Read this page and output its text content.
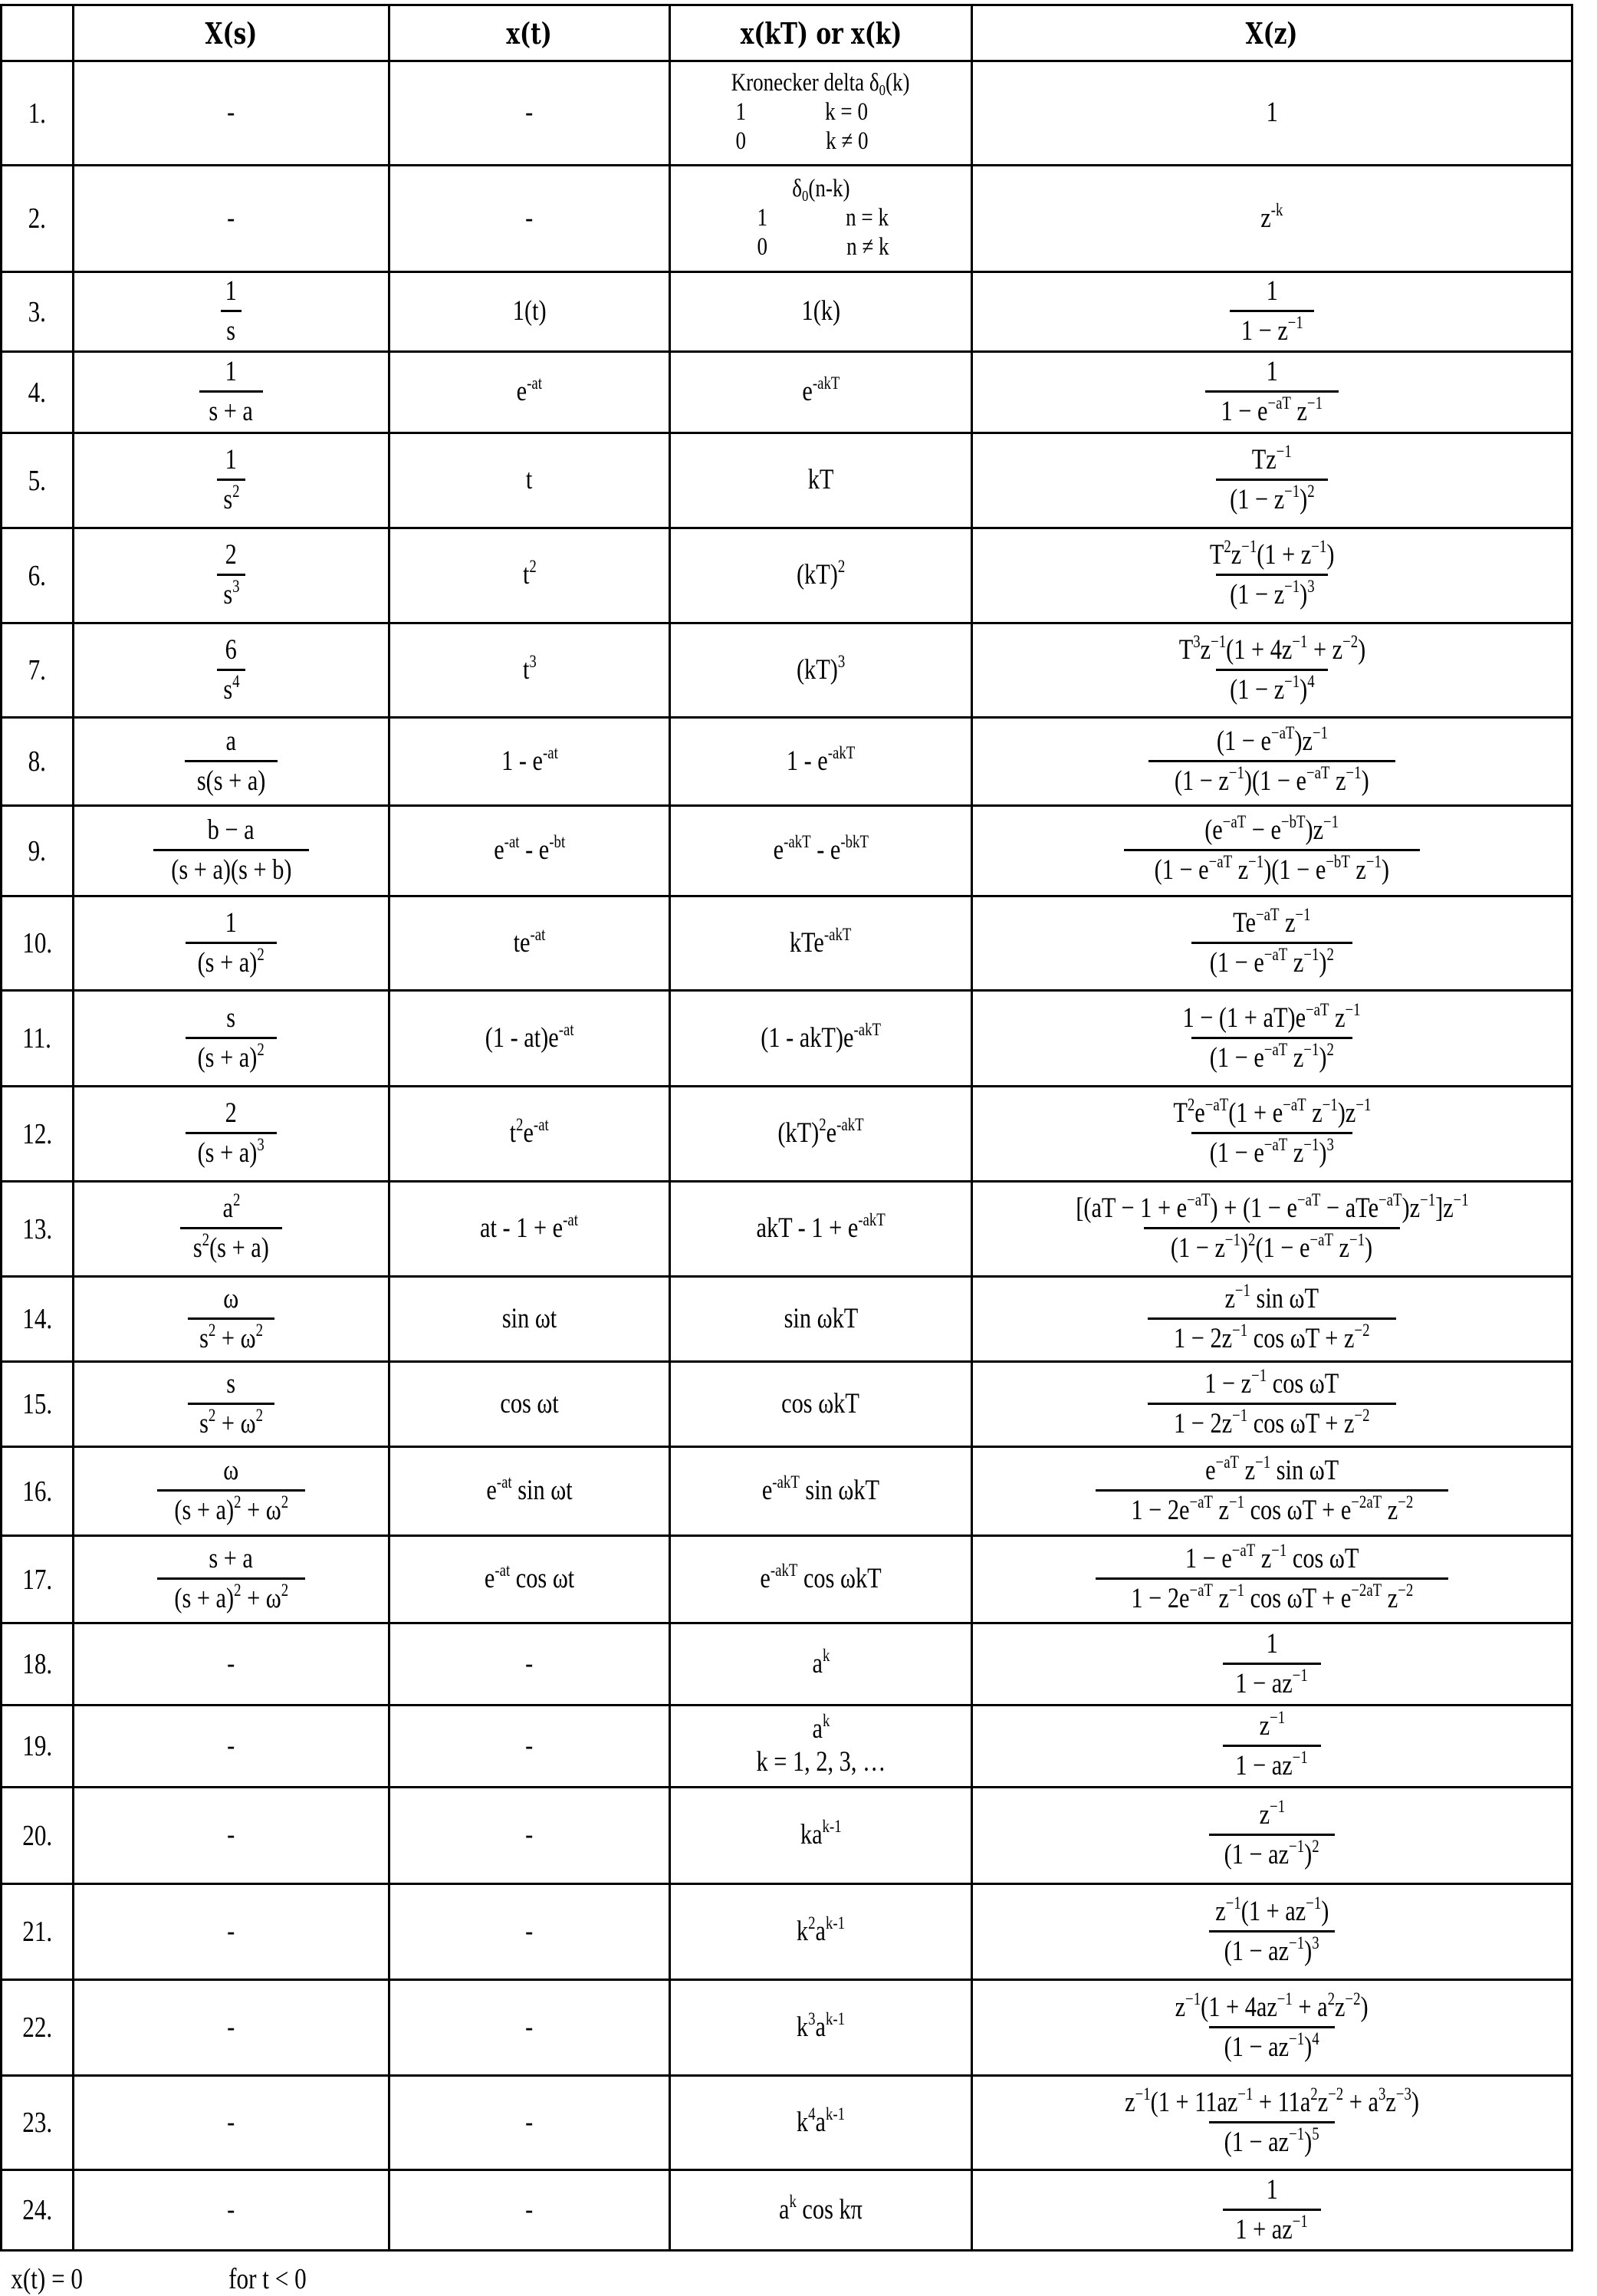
	X(s)	x(t)	x(kT) or x(k)	X(z)
1.	-	-	Kronecker delta $\delta_0(k)$
1 k = 0
0 k ≠ 0	1
2.	-	-	$\delta_0(n-k)$
1 n = k
0 n ≠ k	$z^{-k}$
3.	$\frac{1}{s}$	1(t)	1(k)	$\frac{1}{1 - z^{-1}}$

4.	$\frac{1}{s + a}$	$e^{-at}$	$e^{-akT}$	$\frac{1}{1 - e^{-aT} z^{-1}}$

5.	$\frac{1}{s^2}$	t	kT	$\frac{Tz^{-1}}{(1 - z^{-1})^2}$

6.	$\frac{2}{s^3}$	$t^2$	(kT)$^2$	$\frac{T^2z^{-1}(1 + z^{-1})}{(1 - z^{-1})^3}$

7.	$\frac{6}{s^4}$	$t^3$	(kT)$^3$	$\frac{T^3z^{-1}(1 + 4z^{-1} + z^{-2})}{(1 - z^{-1})^4}$

8.	$\frac{a}{s(s + a)}$	$1 - e^{-at}$	$1 - e^{-akT}$	$\frac{(1 - e^{-aT})z^{-1}}{(1 - z^{-1})(1 - e^{-aT} z^{-1})}$

9.	$\frac{b - a}{(s + a)(s + b)}$	$e^{-at} - e^{-bt}$	$e^{-akT} - e^{-bkT}$	$\frac{(e^{-aT} - e^{-bT})z^{-1}}{(1 - e^{-aT} z^{-1})(1 - e^{-bT} z^{-1})}$

10.	$\frac{1}{(s + a)^2}$	$te^{-at}$	kTe$^{-akT}$	$\frac{Te^{-aT} z^{-1}}{(1 - e^{-aT} z^{-1})^2}$

11.	$\frac{s}{(s + a)^2}$	$(1 - at)e^{-at}$	$(1 - akT)e^{-akT}$	$\frac{1 - (1 + aT)e^{-aT} z^{-1}}{(1 - e^{-aT} z^{-1})^2}$

12.	$\frac{2}{(s + a)^3}$	$t^2e^{-at}$	$(kT)^2e^{-akT}$	$\frac{T^2e^{-aT}(1 + e^{-aT} z^{-1})z^{-1}}{(1 - e^{-aT} z^{-1})^3}$

13.	$\frac{a^2}{s^2(s + a)}$	at - $1 + e^{-at}$	akT - $1 + e^{-akT}$	$\frac{[(aT - 1 + e^{-aT}) + (1 - e^{-aT} - aTe^{-aT})z^{-1}]z^{-1}}{(1 - z^{-1})^2(1 - e^{-aT} z^{-1})}$

14.	$\frac{\omega}{s^2 + \omega^2}$	sin ωt	sin ωkT	$\frac{z^{-1} \sin \omega T}{1 - 2z^{-1} \cos \omega T + z^{-2}}$

15.	$\frac{s}{s^2 + \omega^2}$	cos ωt	cos ωkT	$\frac{1 - z^{-1} \cos \omega T}{1 - 2z^{-1} \cos \omega T + z^{-2}}$

16.	$\frac{\omega}{(s + a)^2 + \omega^2}$	$e^{-at}$ sin ωt	$e^{-akT}$ sin ωkT	$\frac{e^{-aT} z^{-1} \sin \omega T}{1 - 2e^{-aT} z^{-1} \cos \omega T + e^{-2aT} z^{-2}}$

17.	$\frac{s + a}{(s + a)^2 + \omega^2}$	$e^{-at}$ cos ωt	$e^{-akT}$ cos ωkT	$\frac{1 - e^{-aT} z^{-1} \cos \omega T}{1 - 2e^{-aT} z^{-1} \cos \omega T + e^{-2aT} z^{-2}}$

18.	-	-	$a^k$	$\frac{1}{1 - az^{-1}}$

19.	-	-	
$a^k$
k = 1, 2, 3, …	$\frac{z^{-1}}{1 - az^{-1}}$

20.	-	-	$ka^{k-1}$	$\frac{z^{-1}}{(1 - az^{-1})^2}$

21.	-	-	$k^2a^{k-1}$	$\frac{z^{-1}(1 + az^{-1})}{(1 - az^{-1})^3}$

22.	-	-	$k^3a^{k-1}$	$\frac{z^{-1}(1 + 4az^{-1} + a^2z^{-2})}{(1 - az^{-1})^4}$

23.	-	-	$k^4a^{k-1}$	$\frac{z^{-1}(1 + 11az^{-1} + 11a^2z^{-2} + a^3z^{-3})}{(1 - az^{-1})^5}$

24.	-	-	$a^k$ cos kπ	$\frac{1}{1 + az^{-1}}$
x(t) = 0	for t < 0
